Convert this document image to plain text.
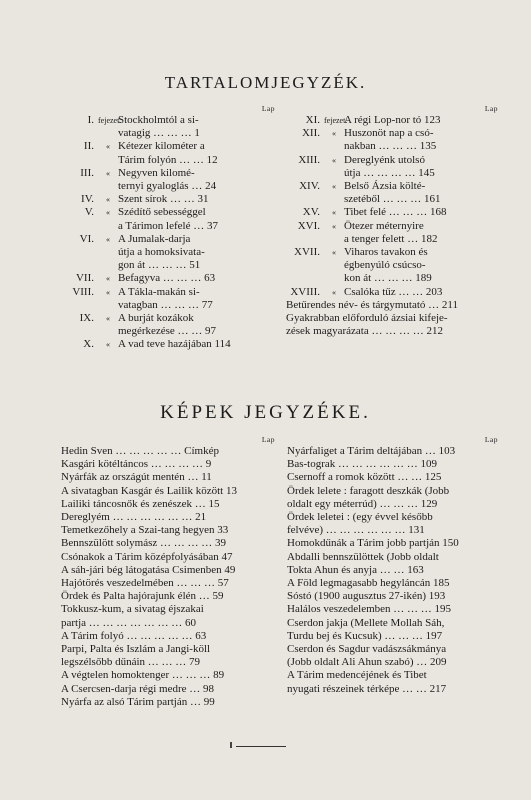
TARTALOMJEGYZÉK.
Lap
I. fejezet.
Stockholmtól a si-
vatagig … … … 1
II.	« Kétezer kilométer a
Tárim folyón … … 12
III.	« Negyven kilomé-
ternyi gyaloglás … 24
IV.	« Szent sírok … … 31
V.	« Szédítő sebességgel
a Tárimon lefelé … 37
VI.	« A Jumalak-darja
útja a homoksivata-
gon át … … … 51
VII.	« Befagyva … … … 63
VIII.	« A Tákla-makán si-
vatagban … … … 77
IX.	« A burját kozákok
megérkezése … … 97
X.	« A vad teve hazájában 114
Lap
XI. fejezet.
A régi Lop-nor tó 123
XII.	« Huszonöt nap a csó-
nakban … … … 135
XIII.	« Dereglyénk utolsó
útja … … … … 145
XIV.	« Belső Ázsia költé-
szetéből … … … 161
XV.	« Tibet felé … … … 168
XVI.	« Ötezer méternyire
a tenger felett … 182
XVII.	« Viharos tavakon és
égbenyúló csúcso-
kon át … … … 189
XVIII.	« Csalóka tűz … … 203
Betűrendes név- és tárgymutató … 211
Gyakrabban előforduló ázsiai kifeje-
zések magyarázata … … … … 212
KÉPEK JEGYZÉKE.
Lap
Hedin Sven … … … … … Címkép
Kasgári kötéltáncos … … … … 9
Nyárfák az országút mentén … 11
A sivatagban Kasgár és Lailik között 13
Lailiki táncosnők és zenészek … 15
Dereglyém … … … … … … 21
Temetkezőhely a Szai-tang hegyen 33
Bennszülött solymász … … … … 39
Csónakok a Tárim középfolyásában 47
A sáh-jári bég látogatása Csimenben 49
Hajótörés veszedelmében … … … 57
Ördek és Palta hajórajunk élén … 59
Tokkusz-kum, a sivatag éjszakai
partja … … … … … … … 60
A Tárim folyó … … … … … 63
Parpi, Palta és Iszlám a Jangi-köll
legszélsőbb dűnáin … … … 79
A végtelen homoktenger … … … 89
A Csercsen-darja régi medre … 98
Nyárfa az alsó Tárim partján … 99
Lap
Nyárfaliget a Tárim deltájában … 103
Bas-tograk … … … … … … 109
Csernoff a romok között … … 125
Ördek lelete : faragott deszkák (Jobb
oldalt egy méterrúd) … … … 129
Ördek leletei : (egy évvel később
felvéve) … … … … … … 131
Homokdűnák a Tárim jobb partján 150
Abdalli bennszülöttek (Jobb oldalt
Tokta Ahun és anyja … … 163
A Föld legmagasabb hegyláncán 185
Sóstó (1900 augusztus 27-ikén) 193
Halálos veszedelemben … … … 195
Cserdon jakja (Mellete Mollah Sáh,
Turdu bej és Kucsuk) … … … 197
Cserdon és Sagdur vadászsákmánya
(Jobb oldalt Ali Ahun szabó) … 209
A Tárim medencéjének és Tibet
nyugati részeinek térképe … … 217
